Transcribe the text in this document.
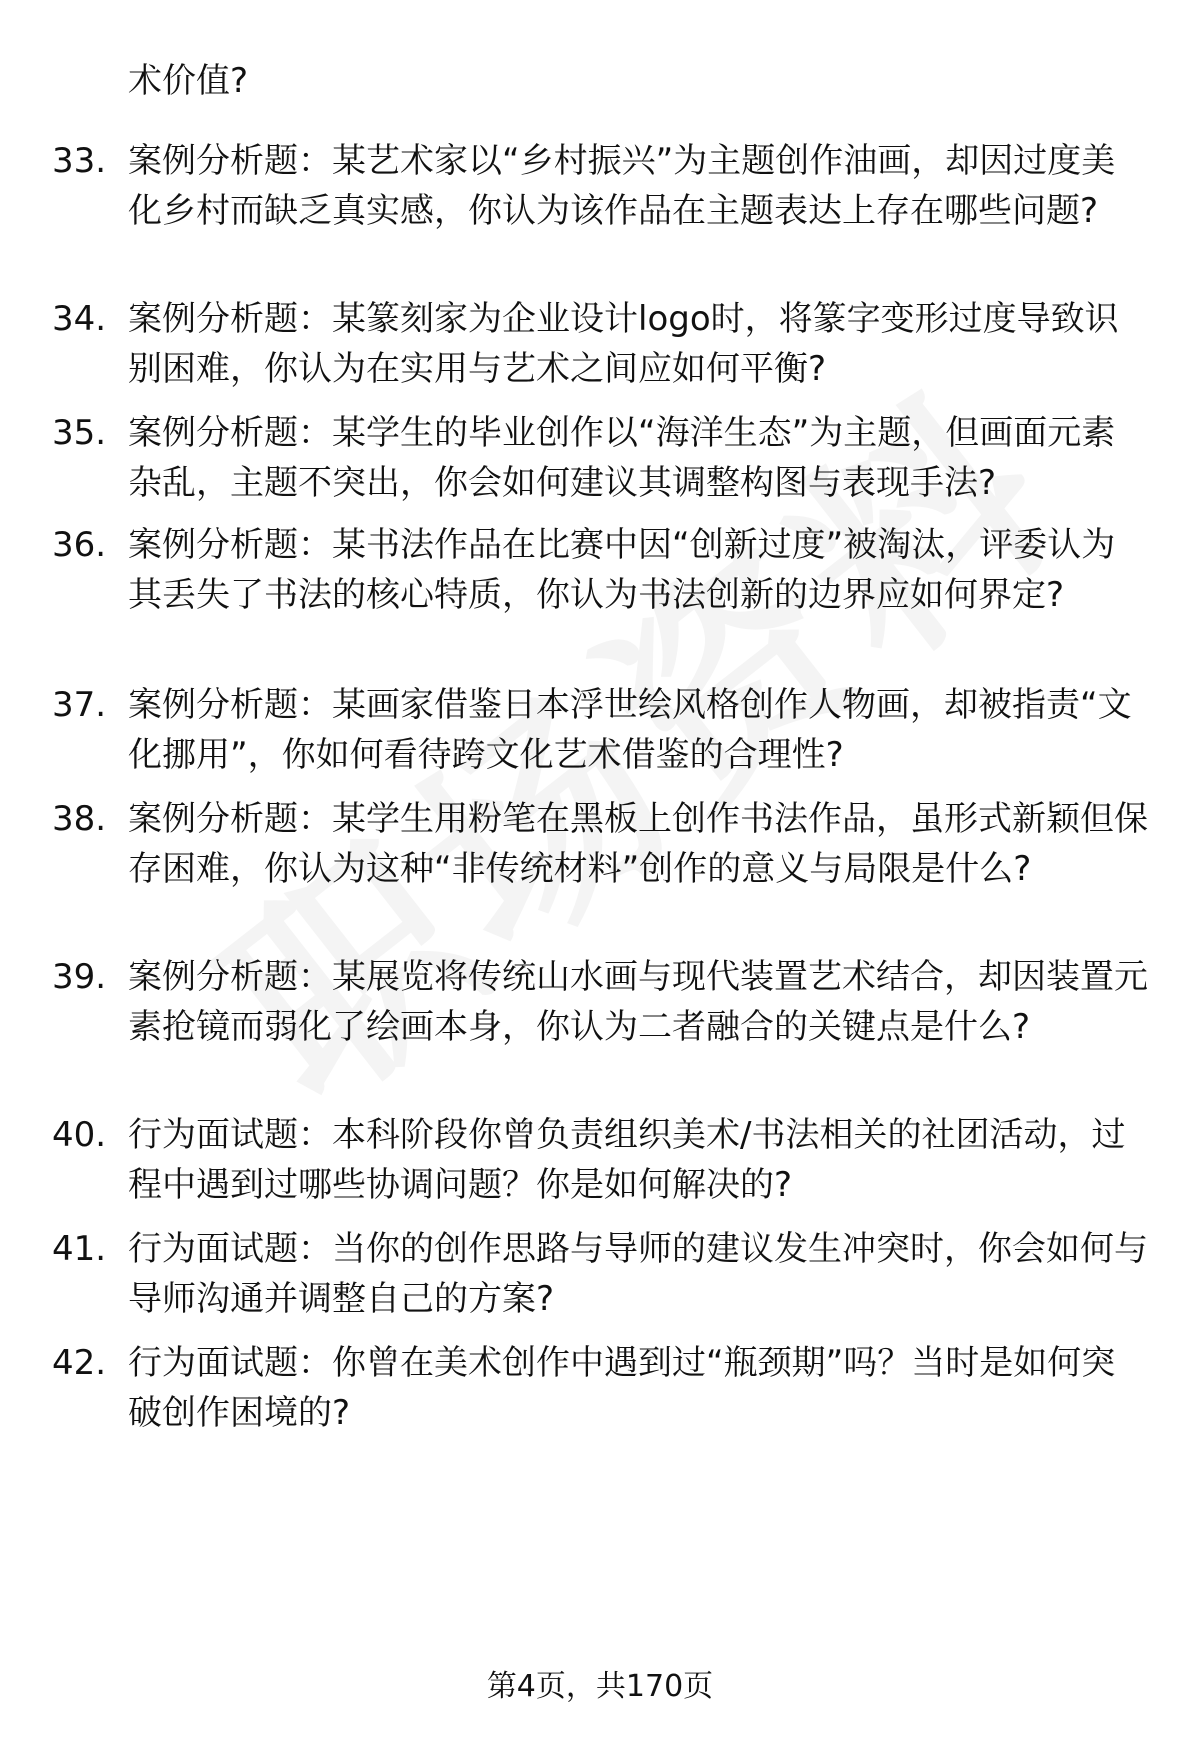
术价值?
33. 案例分析题：某艺术家以“乡村振兴”为主题创作油画，却因过度美化乡村而缺乏真实感，你认为该作品在主题表达上存在哪些问题?
34. 案例分析题：某篆刻家为企业设计logo时，将篆字变形过度导致识别困难，你认为在实用与艺术之间应如何平衡?
35. 案例分析题：某学生的毕业创作以“海洋生态”为主题，但画面元素杂乱，主题不突出，你会如何建议其调整构图与表现手法?
36. 案例分析题：某书法作品在比赛中因“创新过度”被淘汰，评委认为其丢失了书法的核心特质，你认为书法创新的边界应如何界定?
37. 案例分析题：某画家借鉴日本浮世绘风格创作人物画，却被指责“文化挪用”，你如何看待跨文化艺术借鉴的合理性?
38. 案例分析题：某学生用粉笔在黑板上创作书法作品，虽形式新颖但保存困难，你认为这种“非传统材料”创作的意义与局限是什么?
39. 案例分析题：某展览将传统山水画与现代装置艺术结合，却因装置元素抢镜而弱化了绘画本身，你认为二者融合的关键点是什么?
40. 行为面试题：本科阶段你曾负责组织美术/书法相关的社团活动，过程中遇到过哪些协调问题？你是如何解决的?
41. 行为面试题：当你的创作思路与导师的建议发生冲突时，你会如何与导师沟通并调整自己的方案?
42. 行为面试题：你曾在美术创作中遇到过“瓶颈期”吗？当时是如何突破创作困境的?
第4页，共170页
